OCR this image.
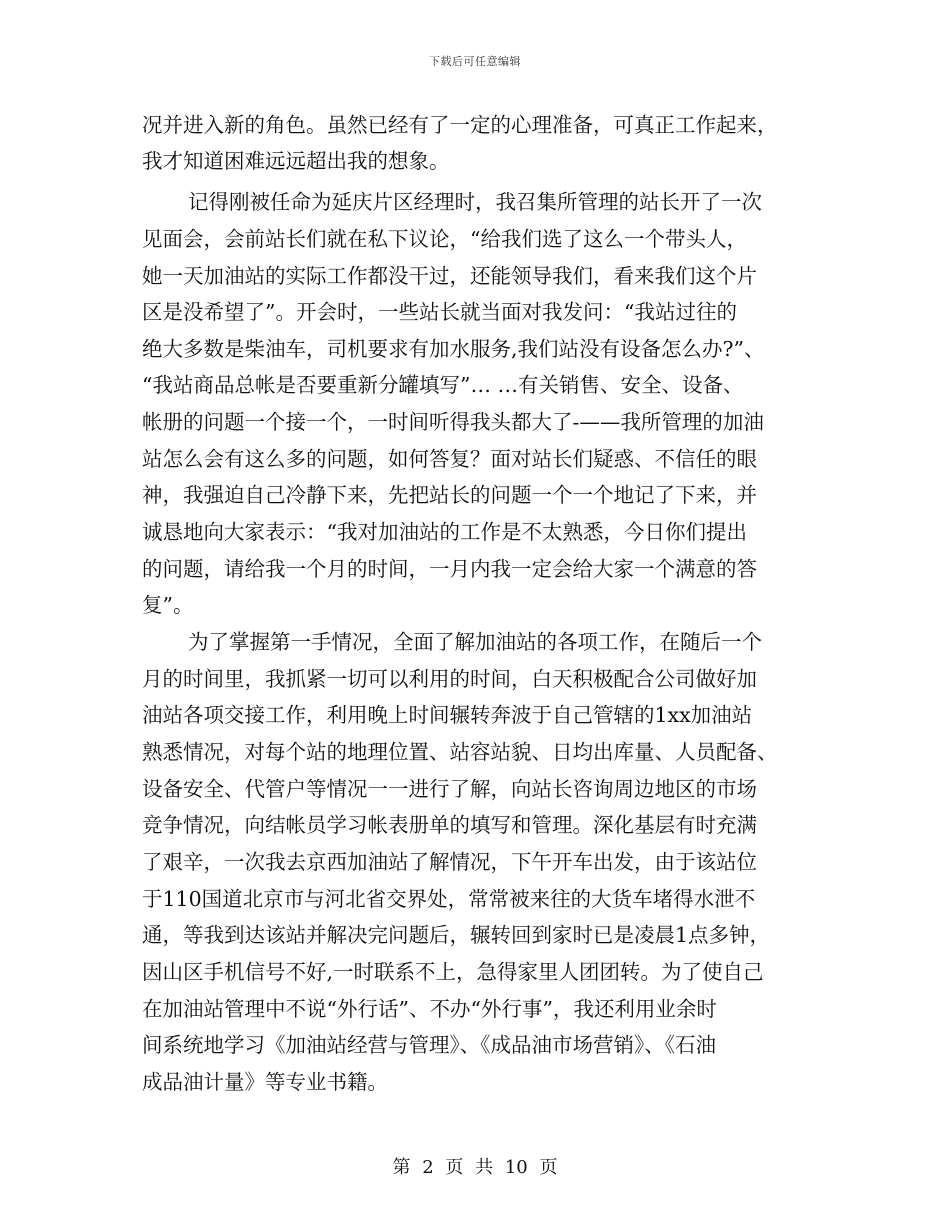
下载后可任意编辑
况并进入新的角色。虽然已经有了一定的心理准备，可真正工作起来，
我才知道困难远远超出我的想象。
记得刚被任命为延庆片区经理时，我召集所管理的站长开了一次
见面会，会前站长们就在私下议论，“给我们选了这么一个带头人，
她一天加油站的实际工作都没干过，还能领导我们，看来我们这个片
区是没希望了”。开会时，一些站长就当面对我发问：“我站过往的
绝大多数是柴油车，司机要求有加水服务,我们站没有设备怎么办?”、
“我站商品总帐是否要重新分罐填写”… …有关销售、安全、设备、
帐册的问题一个接一个，一时间听得我头都大了-——我所管理的加油
站怎么会有这么多的问题，如何答复？面对站长们疑惑、不信任的眼
神，我强迫自己冷静下来，先把站长的问题一个一个地记了下来，并
诚恳地向大家表示：“我对加油站的工作是不太熟悉，今日你们提出
的问题，请给我一个月的时间，一月内我一定会给大家一个满意的答
复”。
为了掌握第一手情况，全面了解加油站的各项工作，在随后一个
月的时间里，我抓紧一切可以利用的时间，白天积极配合公司做好加
油站各项交接工作，利用晚上时间辗转奔波于自己管辖的1xx加油站
熟悉情况，对每个站的地理位置、站容站貌、日均出库量、人员配备、
设备安全、代管户等情况一一进行了解，向站长咨询周边地区的市场
竞争情况，向结帐员学习帐表册单的填写和管理。深化基层有时充满
了艰辛，一次我去京西加油站了解情况，下午开车出发，由于该站位
于110国道北京市与河北省交界处，常常被来往的大货车堵得水泄不
通，等我到达该站并解决完问题后，辗转回到家时已是凌晨1点多钟，
因山区手机信号不好,一时联系不上，急得家里人团团转。为了使自己
在加油站管理中不说“外行话”、不办“外行事”，我还利用业余时
间系统地学习《加油站经营与管理》、《成品油市场营销》、《石油
成品油计量》等专业书籍。
第 2 页 共 10 页
